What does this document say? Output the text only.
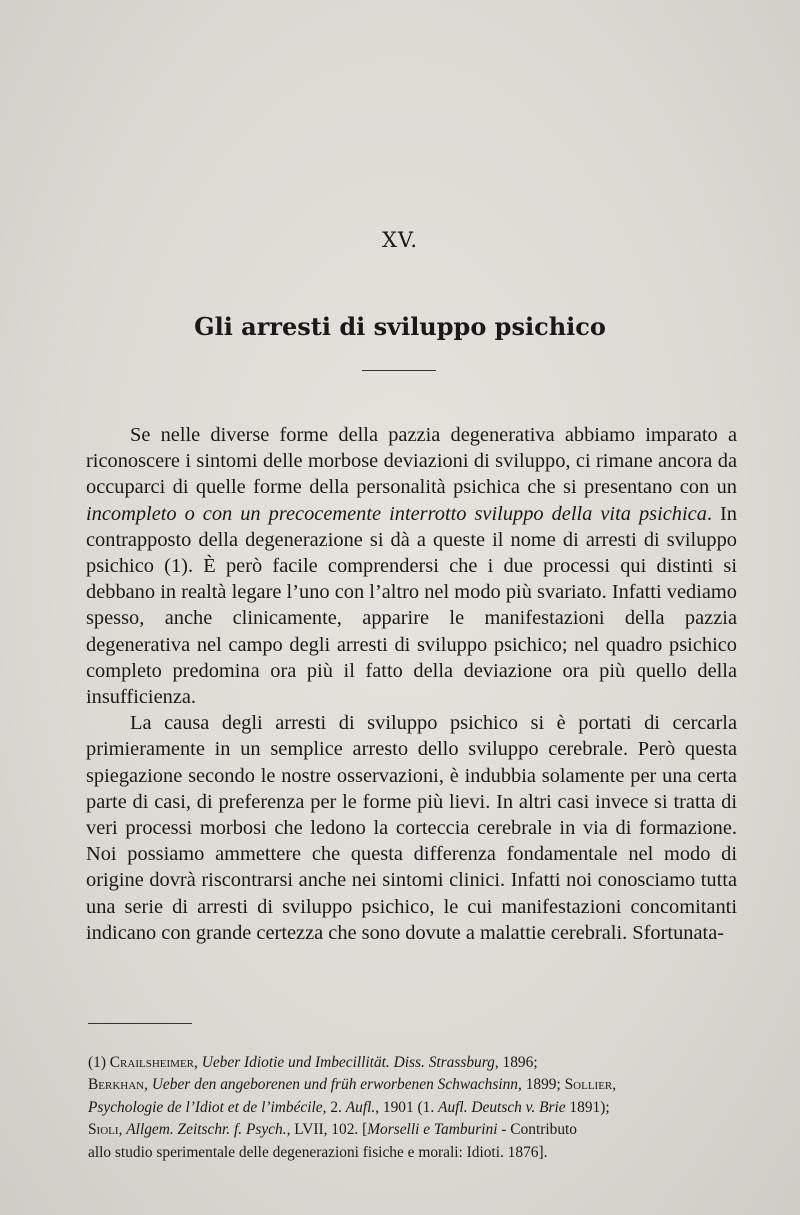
XV.
Gli arresti di sviluppo psichico

Se nelle diverse forme della pazzia degenerativa abbiamo imparato a riconoscere i sintomi delle morbose deviazioni di sviluppo, ci rimane ancora da occuparci di quelle forme della personalità psichica che si presentano con un incompleto o con un precocemente interrotto sviluppo della vita psichica. In contrapposto della degenerazione si dà a queste il nome di arresti di sviluppo psichico (1). È però facile comprendersi che i due processi qui distinti si debbano in realtà legare l’uno con l’altro nel modo più svariato. Infatti vediamo spesso, anche clinicamente, apparire le manifestazioni della pazzia degenerativa nel campo degli arresti di sviluppo psichico; nel quadro psichico completo predomina ora più il fatto della deviazione ora più quello della insufficienza.

La causa degli arresti di sviluppo psichico si è portati di cercarla primieramente in un semplice arresto dello sviluppo cerebrale. Però questa spiegazione secondo le nostre osservazioni, è indubbia solamente per una certa parte di casi, di preferenza per le forme più lievi. In altri casi invece si tratta di veri processi morbosi che ledono la corteccia cerebrale in via di formazione. Noi possiamo ammettere che questa differenza fondamentale nel modo di origine dovrà riscontrarsi anche nei sintomi clinici. Infatti noi conosciamo tutta una serie di arresti di sviluppo psichico, le cui manifestazioni concomitanti indicano con grande certezza che sono dovute a malattie cerebrali. Sfortunata-

(1) Crailsheimer, Ueber Idiotie und Imbecillität. Diss. Strassburg, 1896;
Berkhan, Ueber den angeborenen und früh erworbenen Schwachsinn, 1899; Sollier,
Psychologie de l’Idiot et de l’imbécile, 2. Aufl., 1901 (1. Aufl. Deutsch v. Brie 1891);
Sioli, Allgem. Zeitschr. f. Psych., LVII, 102. [Morselli e Tamburini - Contributo
allo studio sperimentale delle degenerazioni fisiche e morali: Idioti. 1876].
